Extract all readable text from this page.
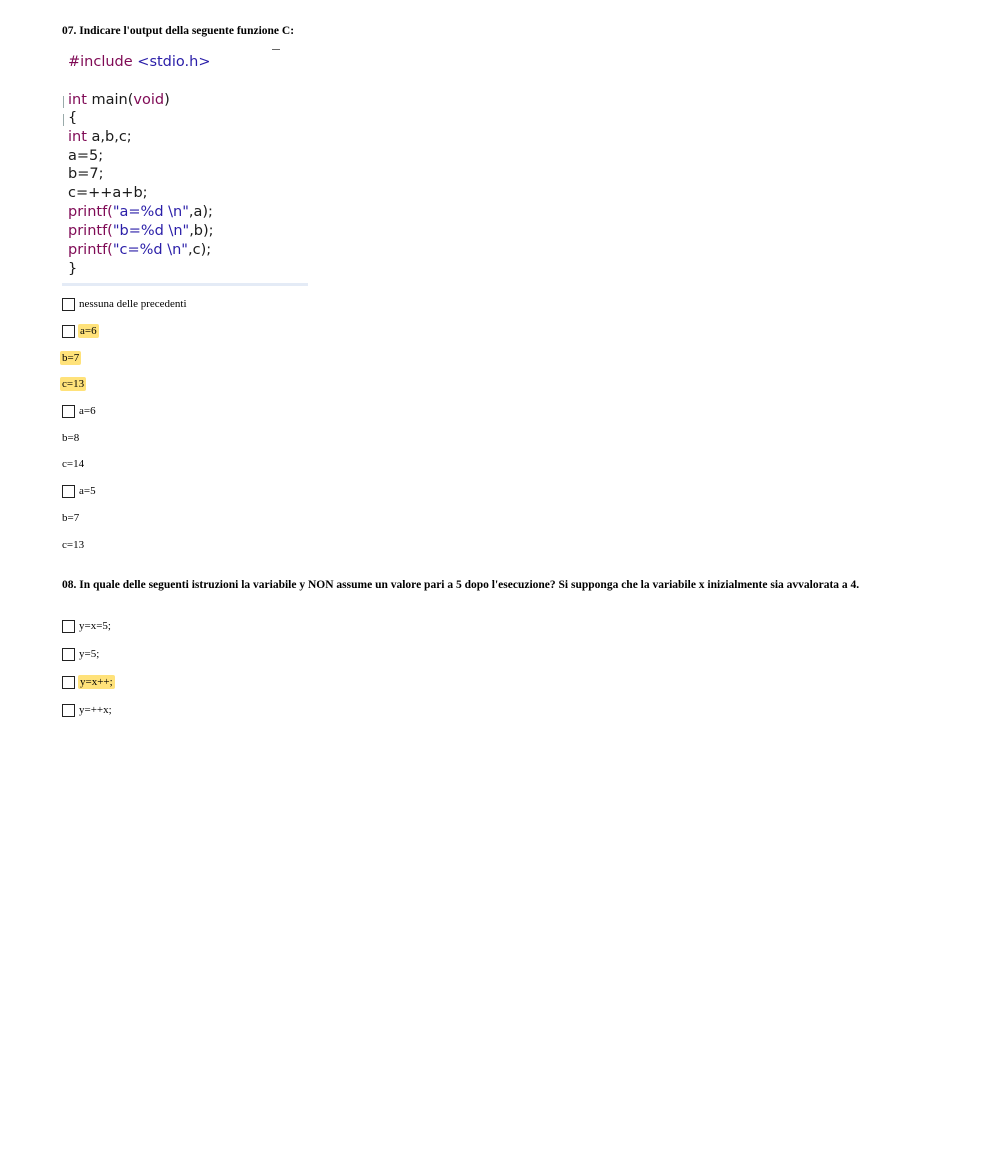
07. Indicare l'output della seguente funzione C:
#include <stdio.h>
int main(void)
{
int a,b,c;
a=5;
b=7;
c=++a+b;
printf("a=%d \n",a);
printf("b=%d \n",b);
printf("c=%d \n",c);
}
nessuna delle precedenti
a=6
b=7
c=13
a=6
b=8
c=14
a=5
b=7
c=13
08. In quale delle seguenti istruzioni la variabile y NON assume un valore pari a 5 dopo l'esecuzione? Si supponga che la variabile x inizialmente sia avvalorata a 4.
y=x=5;
y=5;
y=x++;
y=++x;
